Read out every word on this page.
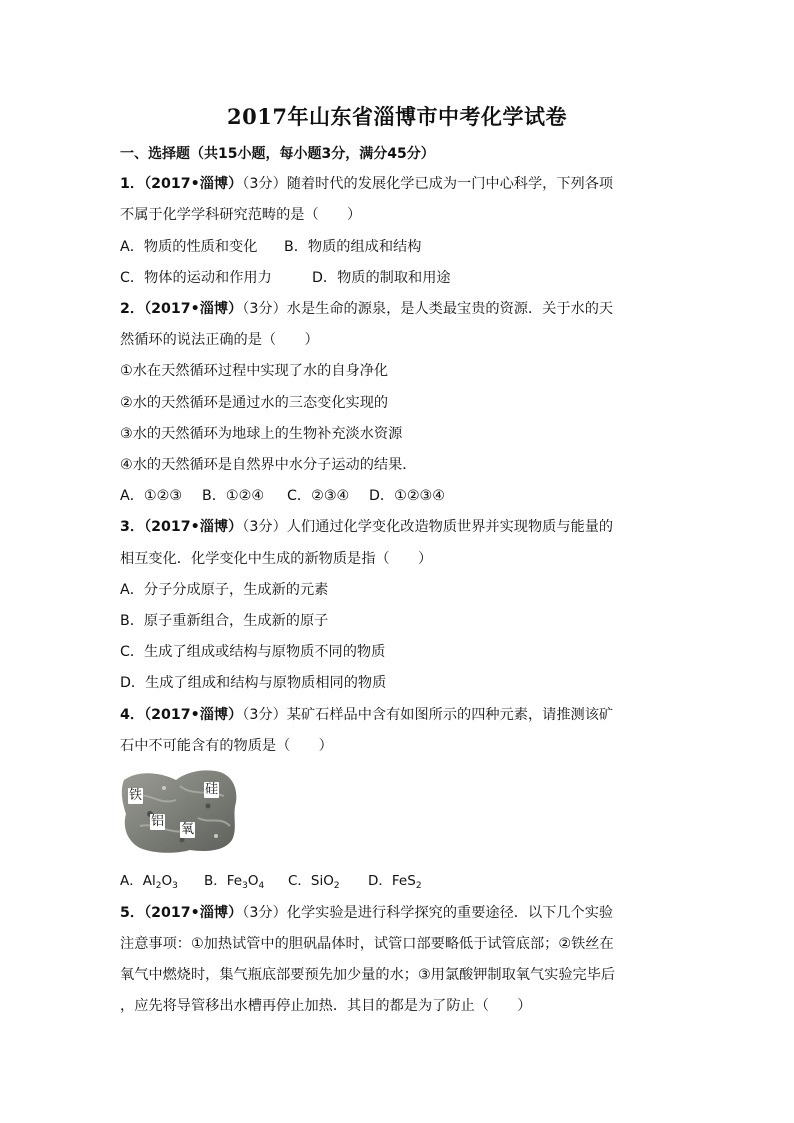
2017年山东省淄博市中考化学试卷
一、选择题（共15小题，每小题3分，满分45分）
1．（2017•淄博）（3分）随着时代的发展化学已成为一门中心科学，下列各项
不属于化学学科研究范畴的是（　　）
A．物质的性质和变化 B．物质的组成和结构
C．物体的运动和作用力	D．物质的制取和用途
2．（2017•淄博）（3分）水是生命的源泉，是人类最宝贵的资源．关于水的天
然循环的说法正确的是（　　）
①水在天然循环过程中实现了水的自身净化
②水的天然循环是通过水的三态变化实现的
③水的天然循环为地球上的生物补充淡水资源
④水的天然循环是自然界中水分子运动的结果．
A．①②③ B．①②④ C．②③④ D．①②③④
3．（2017•淄博）（3分）人们通过化学变化改造物质世界并实现物质与能量的
相互变化．化学变化中生成的新物质是指（　　）
A．分子分成原子，生成新的元素
B．原子重新组合，生成新的原子
C．生成了组成或结构与原物质不同的物质
D．生成了组成和结构与原物质相同的物质
4．（2017•淄博）（3分）某矿石样品中含有如图所示的四种元素，请推测该矿
石中不可能含有的物质是（　　）
铁	硅
铝
氧
A．$Al_2O_3$ B．$Fe_3O_4$ C．SiO$_2$ D．FeS$_2$
5．（2017•淄博）（3分）化学实验是进行科学探究的重要途径．以下几个实验
注意事项：①加热试管中的胆矾晶体时，试管口部要略低于试管底部；②铁丝在
氧气中燃烧时，集气瓶底部要预先加少量的水；③用氯酸钾制取氧气实验完毕后
，应先将导管移出水槽再停止加热．其目的都是为了防止（　　）
